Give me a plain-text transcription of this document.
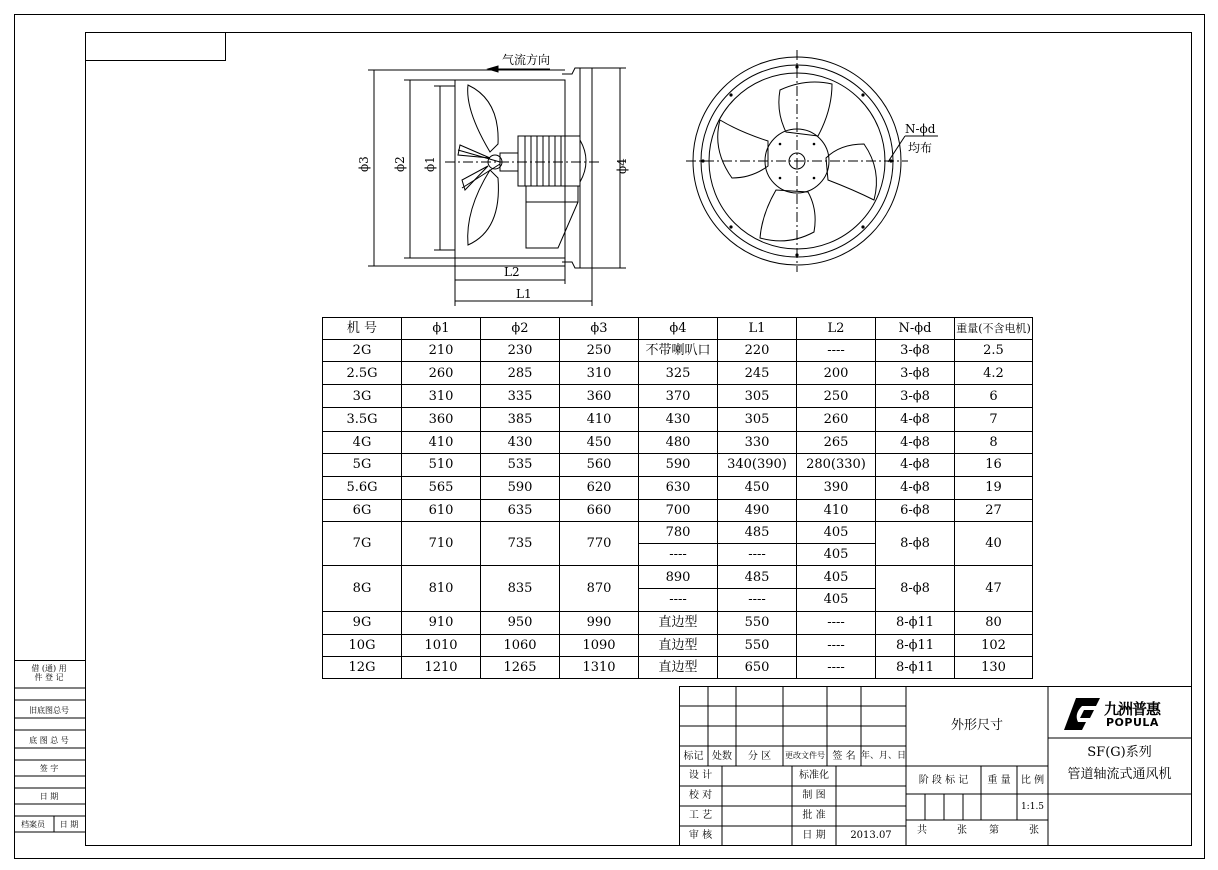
气流方向
ϕ3 ϕ2 ϕ1	ϕ4
L2
L1
N-ϕd
均布
机 号	ϕ1	ϕ2	ϕ3	ϕ4	L1	L2	N-ϕd	重量(不含电机)
2G	210	230	250	不带喇叭口	220	----	3-ϕ8	2.5
2.5G	260	285	310	325	245	200	3-ϕ8	4.2
3G	310	335	360	370	305	250	3-ϕ8	6
3.5G	360	385	410	430	305	260	4-ϕ8	7
4G	410	430	450	480	330	265	4-ϕ8	8
5G	510	535	560	590	340(390)	280(330)	4-ϕ8	16
5.6G	565	590	620	630	450	390	4-ϕ8	19
6G	610	635	660	700	490	410	6-ϕ8	27
7G	710	735	770	780	485	405	8-ϕ8	40
				----	----	405		
8G	810	835	870	890	485	405	8-ϕ8	47
				----	----	405		
9G	910	950	990	直边型	550	----	8-ϕ11	80
10G	1010	1060	1090	直边型	550	----	8-ϕ11	102
12G	1210	1265	1310	直边型	650	----	8-ϕ11	130
借 (通) 用
件 登 记
旧底图总号
底 图 总 号
签 字
日 期
档案员	日 期
标记 处数	分 区	更改文件号 签 名 年、月、日
设 计
校 对
工 艺
审 核
标准化
制 图
批 准
日 期	2013.07
外形尺寸
阶 段 标 记	重 量	比 例
1:1.5
共	张	第	张
SF(G)系列
管道轴流式通风机
九洲普惠
POPULA
